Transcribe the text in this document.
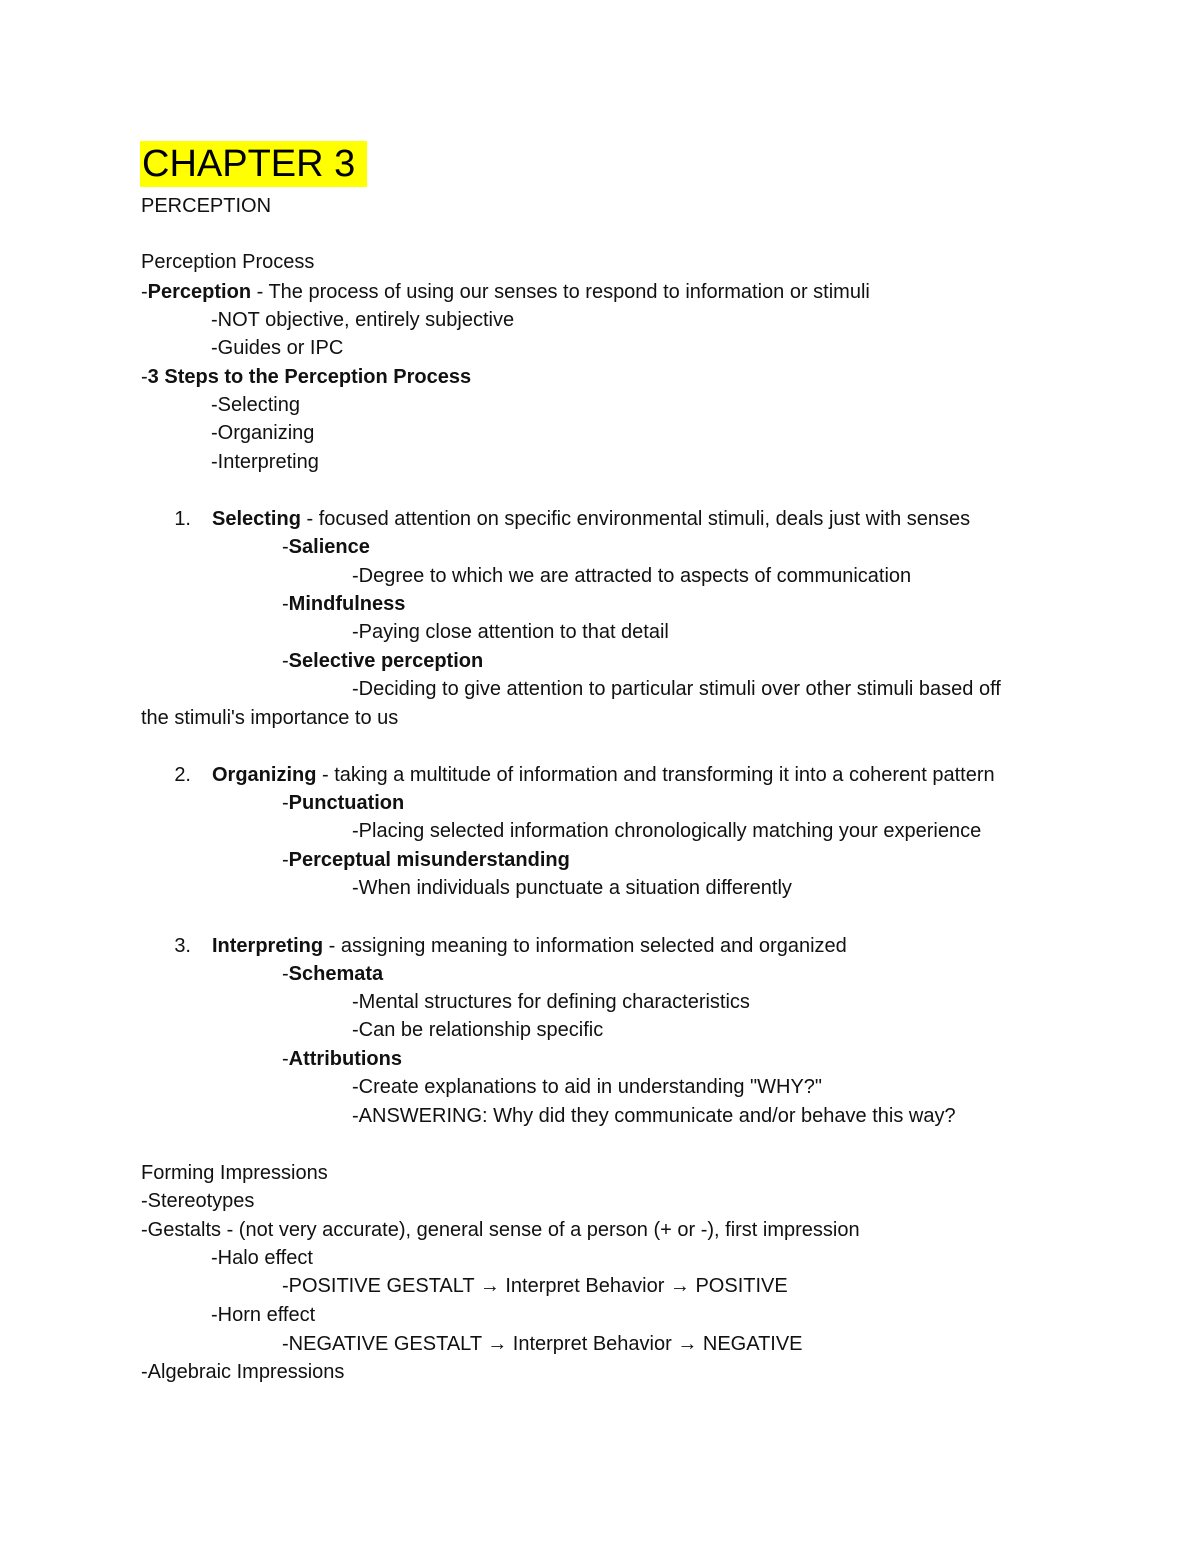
CHAPTER 3
PERCEPTION
Perception Process
-Perception - The process of using our senses to respond to information or stimuli
-NOT objective, entirely subjective
-Guides or IPC
-3 Steps to the Perception Process
-Selecting
-Organizing
-Interpreting
1. Selecting - focused attention on specific environmental stimuli, deals just with senses
-Salience
-Degree to which we are attracted to aspects of communication
-Mindfulness
-Paying close attention to that detail
-Selective perception
-Deciding to give attention to particular stimuli over other stimuli based off
the stimuli's importance to us
2. Organizing - taking a multitude of information and transforming it into a coherent pattern
-Punctuation
-Placing selected information chronologically matching your experience
-Perceptual misunderstanding
-When individuals punctuate a situation differently
3. Interpreting - assigning meaning to information selected and organized
-Schemata
-Mental structures for defining characteristics
-Can be relationship specific
-Attributions
-Create explanations to aid in understanding "WHY?"
-ANSWERING: Why did they communicate and/or behave this way?
Forming Impressions
-Stereotypes
-Gestalts - (not very accurate), general sense of a person (+ or -), first impression
-Halo effect
-POSITIVE GESTALT → Interpret Behavior → POSITIVE
-Horn effect
-NEGATIVE GESTALT → Interpret Behavior → NEGATIVE
-Algebraic Impressions
